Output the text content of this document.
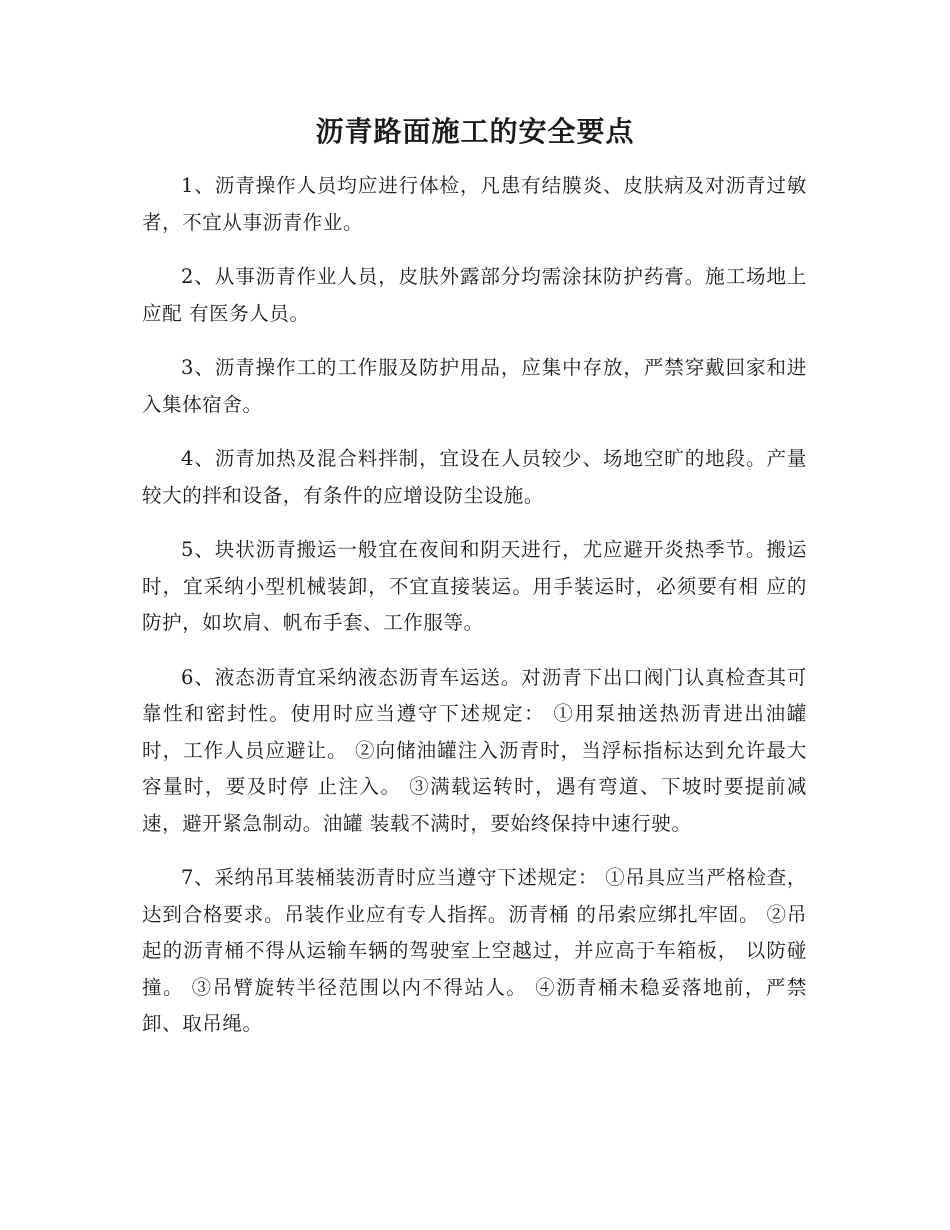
沥青路面施工的安全要点

1、沥青操作人员均应进行体检，凡患有结膜炎、皮肤病及对沥青过敏者，不宜从事沥青作业。

2、从事沥青作业人员，皮肤外露部分均需涂抹防护药膏。施工场地上应配 有医务人员。

3、沥青操作工的工作服及防护用品，应集中存放，严禁穿戴回家和进 入集体宿舍。

4、沥青加热及混合料拌制，宜设在人员较少、场地空旷的地段。产量 较大的拌和设备，有条件的应增设防尘设施。

5、块状沥青搬运一般宜在夜间和阴天进行，尤应避开炎热季节。搬运 时，宜采纳小型机械装卸，不宜直接装运。用手装运时，必须要有相 应的防护，如坎肩、帆布手套、工作服等。

6、液态沥青宜采纳液态沥青车运送。对沥青下出口阀门认真检查其可 靠性和密封性。使用时应当遵守下述规定： ①用泵抽送热沥青进出油罐时，工作人员应避让。 ②向储油罐注入沥青时，当浮标指标达到允许最大容量时，要及时停 止注入。 ③满载运转时，遇有弯道、下坡时要提前减速，避开紧急制动。油罐 装载不满时，要始终保持中速行驶。

7、采纳吊耳装桶装沥青时应当遵守下述规定： ①吊具应当严格检查，达到合格要求。吊装作业应有专人指挥。沥青桶 的吊索应绑扎牢固。 ②吊起的沥青桶不得从运输车辆的驾驶室上空越过，并应高于车箱板， 以防碰撞。 ③吊臂旋转半径范围以内不得站人。 ④沥青桶未稳妥落地前，严禁卸、取吊绳。
